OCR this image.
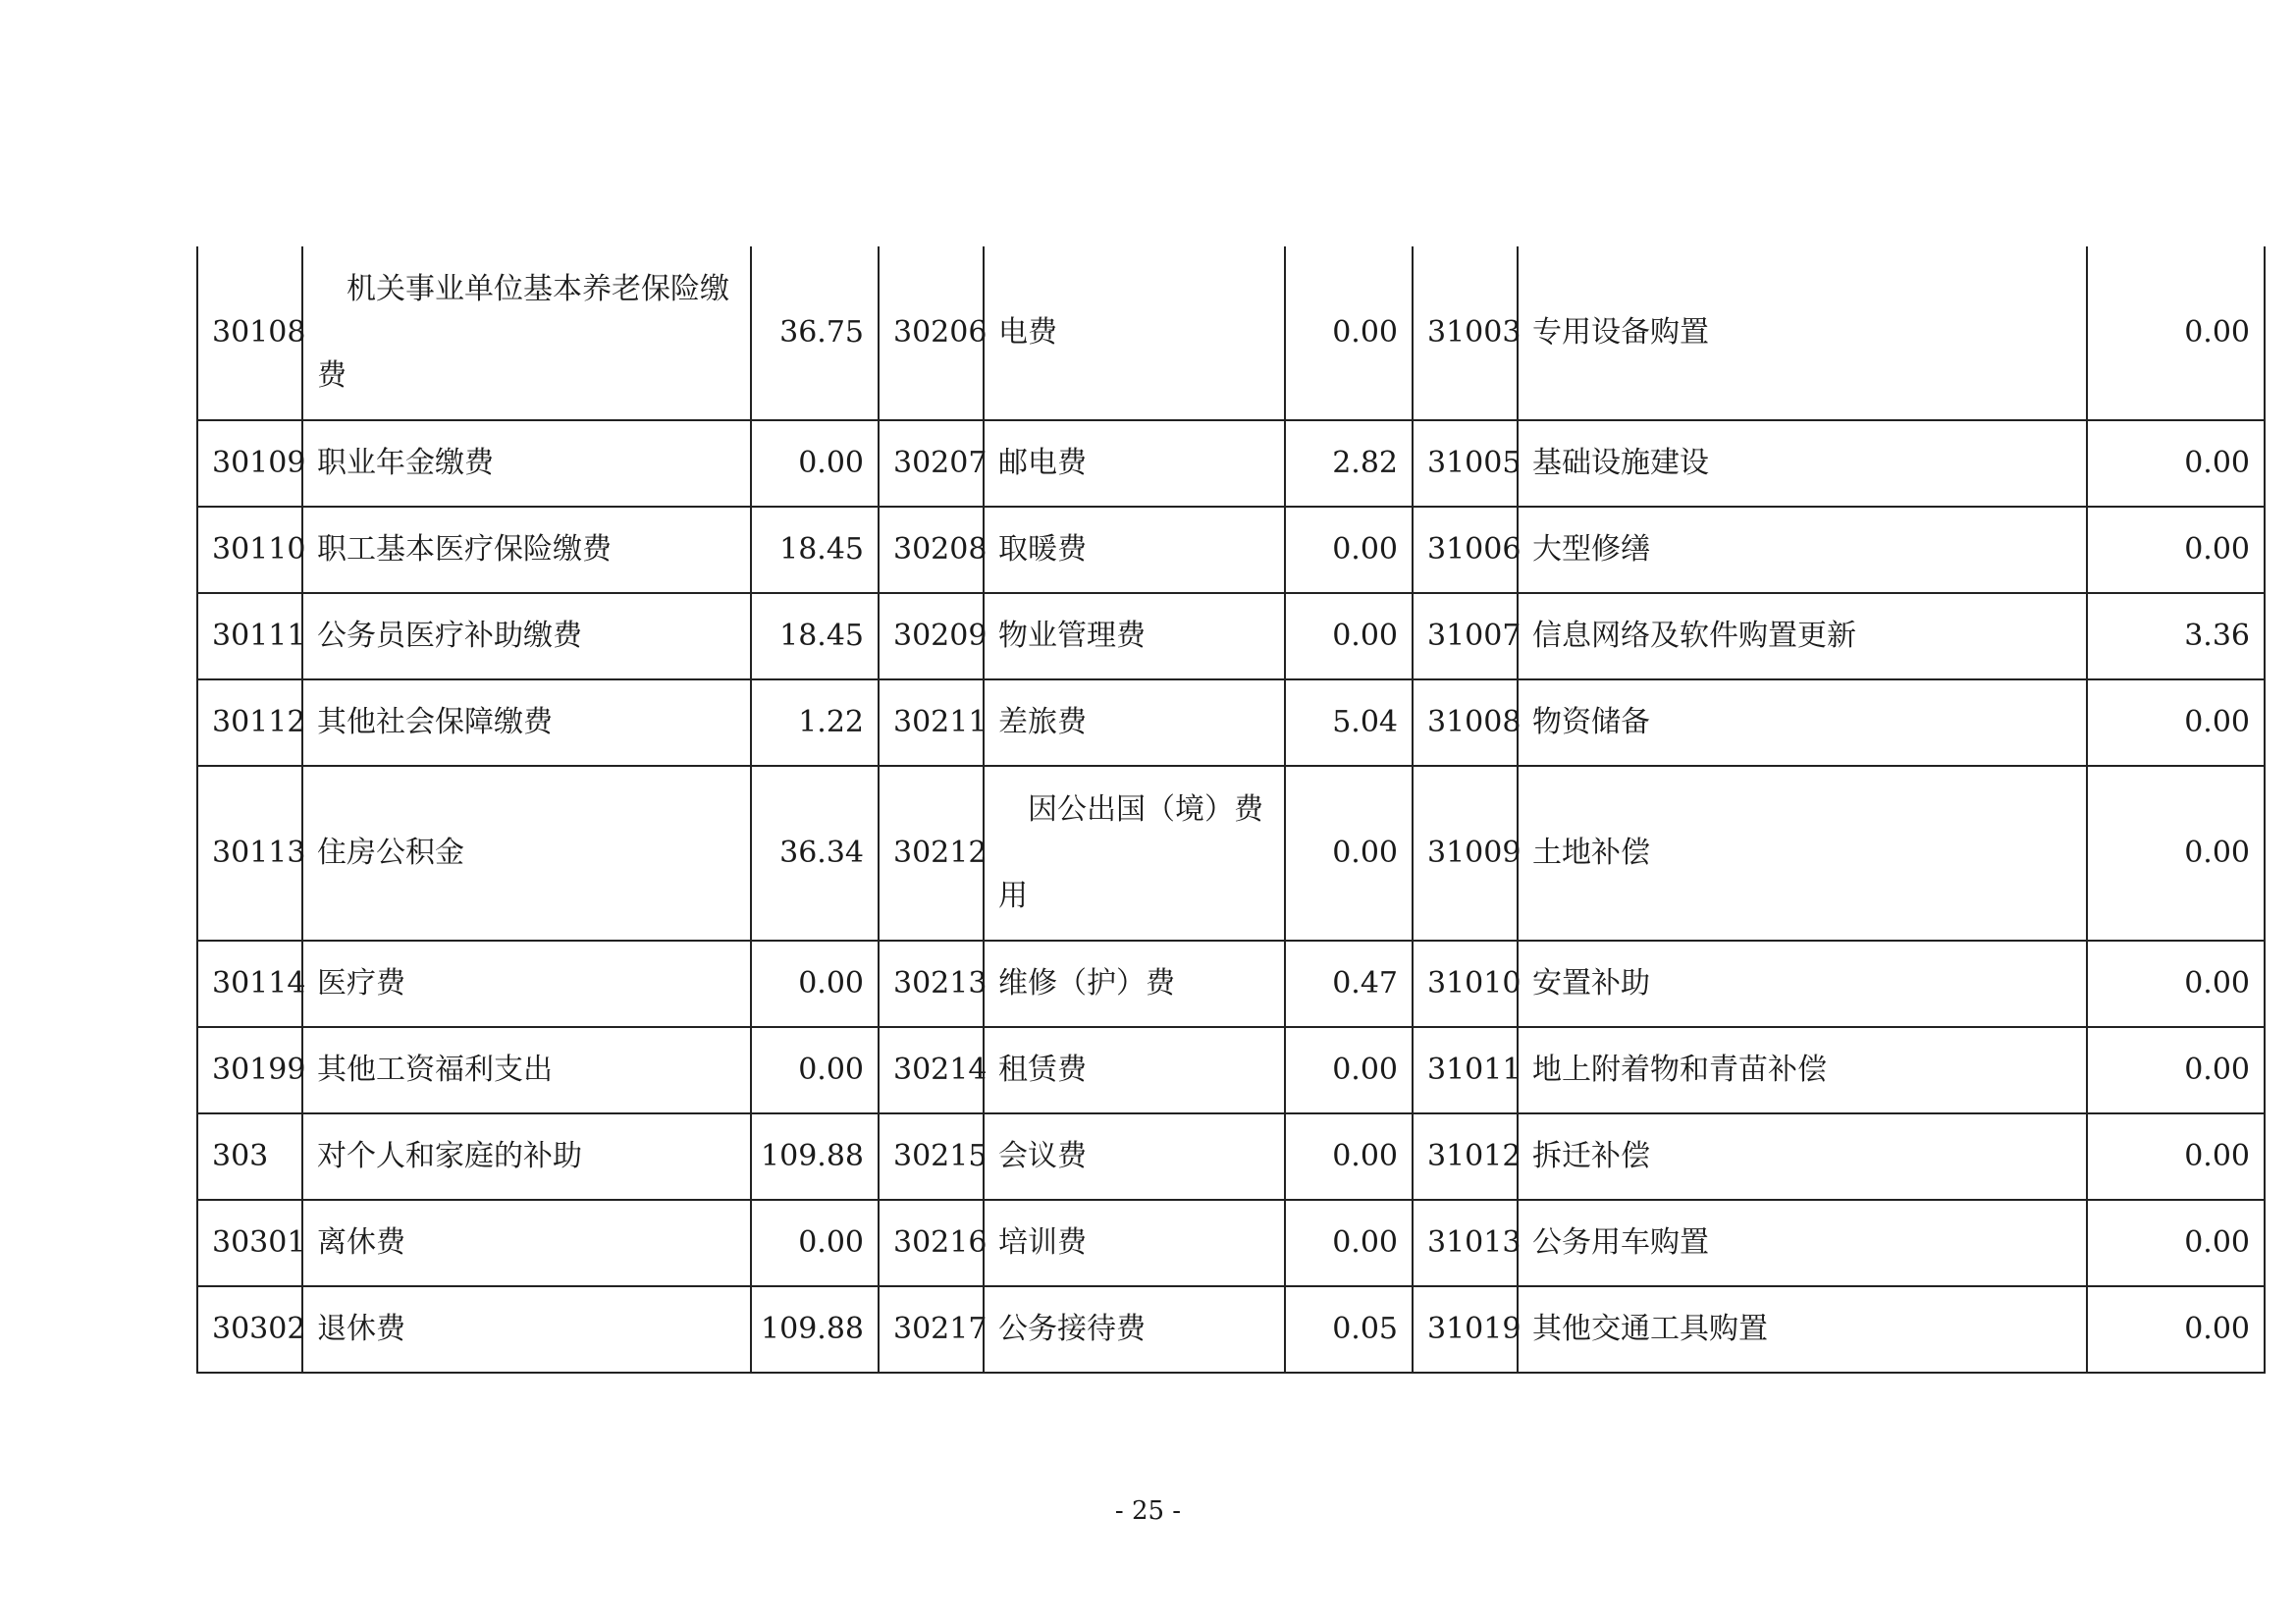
30108	机关事业单位基本养老保险缴费	36.75	30206	电费	0.00	31003	专用设备购置	0.00
30109	职业年金缴费	0.00	30207	邮电费	2.82	31005	基础设施建设	0.00
30110	职工基本医疗保险缴费	18.45	30208	取暖费	0.00	31006	大型修缮	0.00
30111	公务员医疗补助缴费	18.45	30209	物业管理费	0.00	31007	信息网络及软件购置更新	3.36
30112	其他社会保障缴费	1.22	30211	差旅费	5.04	31008	物资储备	0.00
30113	住房公积金	36.34	30212	因公出国（境）费用	0.00	31009	土地补偿	0.00
30114	医疗费	0.00	30213	维修（护）费	0.47	31010	安置补助	0.00
30199	其他工资福利支出	0.00	30214	租赁费	0.00	31011	地上附着物和青苗补偿	0.00
303	对个人和家庭的补助	109.88	30215	会议费	0.00	31012	拆迁补偿	0.00
30301	离休费	0.00	30216	培训费	0.00	31013	公务用车购置	0.00
30302	退休费	109.88	30217	公务接待费	0.05	31019	其他交通工具购置	0.00
- 25 -
